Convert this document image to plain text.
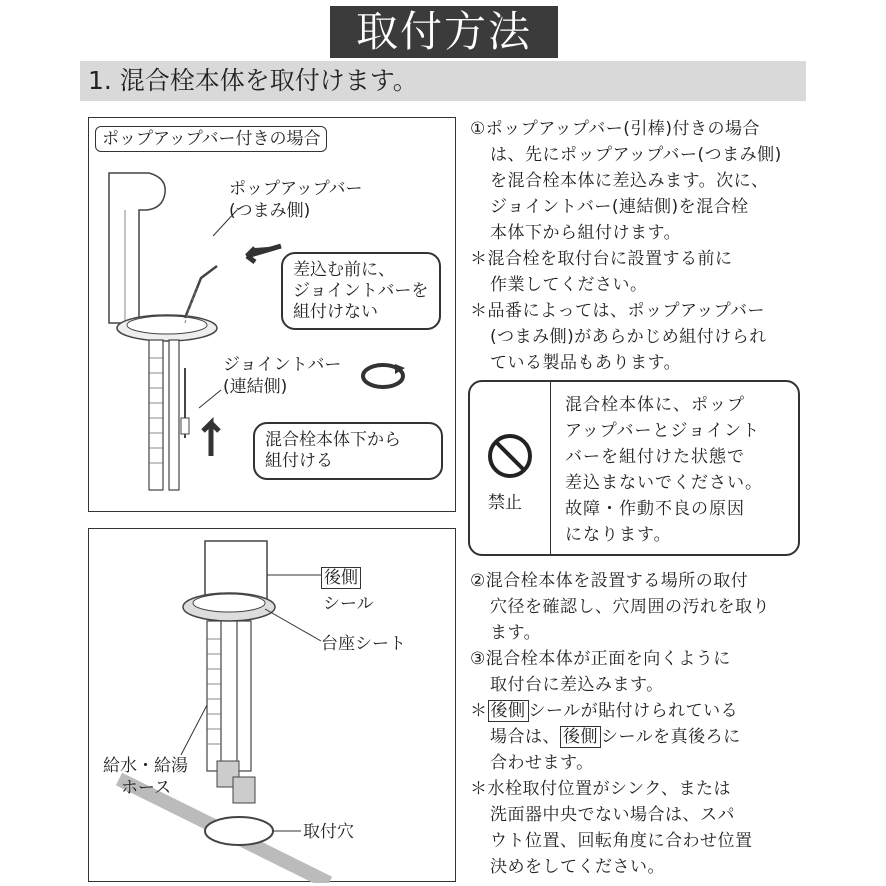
取付方法
1. 混合栓本体を取付けます。
ポップアップバー付きの場合
ポップアップバー
(つまみ側)
差込む前に、
ジョイントバーを
組付けない
ジョイントバー
(連結側)
混合栓本体下から
組付ける
後側
シール
台座シート
給水・給湯
ホース
取付穴

①ポップアップバー(引棒)付きの場合

は、先にポップアップバー(つまみ側)

を混合栓本体に差込みます。次に、

ジョイントバー(連結側)を混合栓

本体下から組付けます。

＊混合栓を取付台に設置する前に

作業してください。

＊品番によっては、ポップアップバー

(つまみ側)があらかじめ組付けられ

ている製品もあります。

禁止
混合栓本体に、ポップ
アップバーとジョイント
バーを組付けた状態で
差込まないでください。
故障・作動不良の原因
になります。

②混合栓本体を設置する場所の取付

穴径を確認し、穴周囲の汚れを取り

ます。

③混合栓本体が正面を向くように

取付台に差込みます。

＊ 後側 シールが貼付けられている

場合は、 後側 シールを真後ろに

合わせます。

＊水栓取付位置がシンク、または

洗面器中央でない場合は、スパ

ウト位置、回転角度に合わせ位置

決めをしてください。
